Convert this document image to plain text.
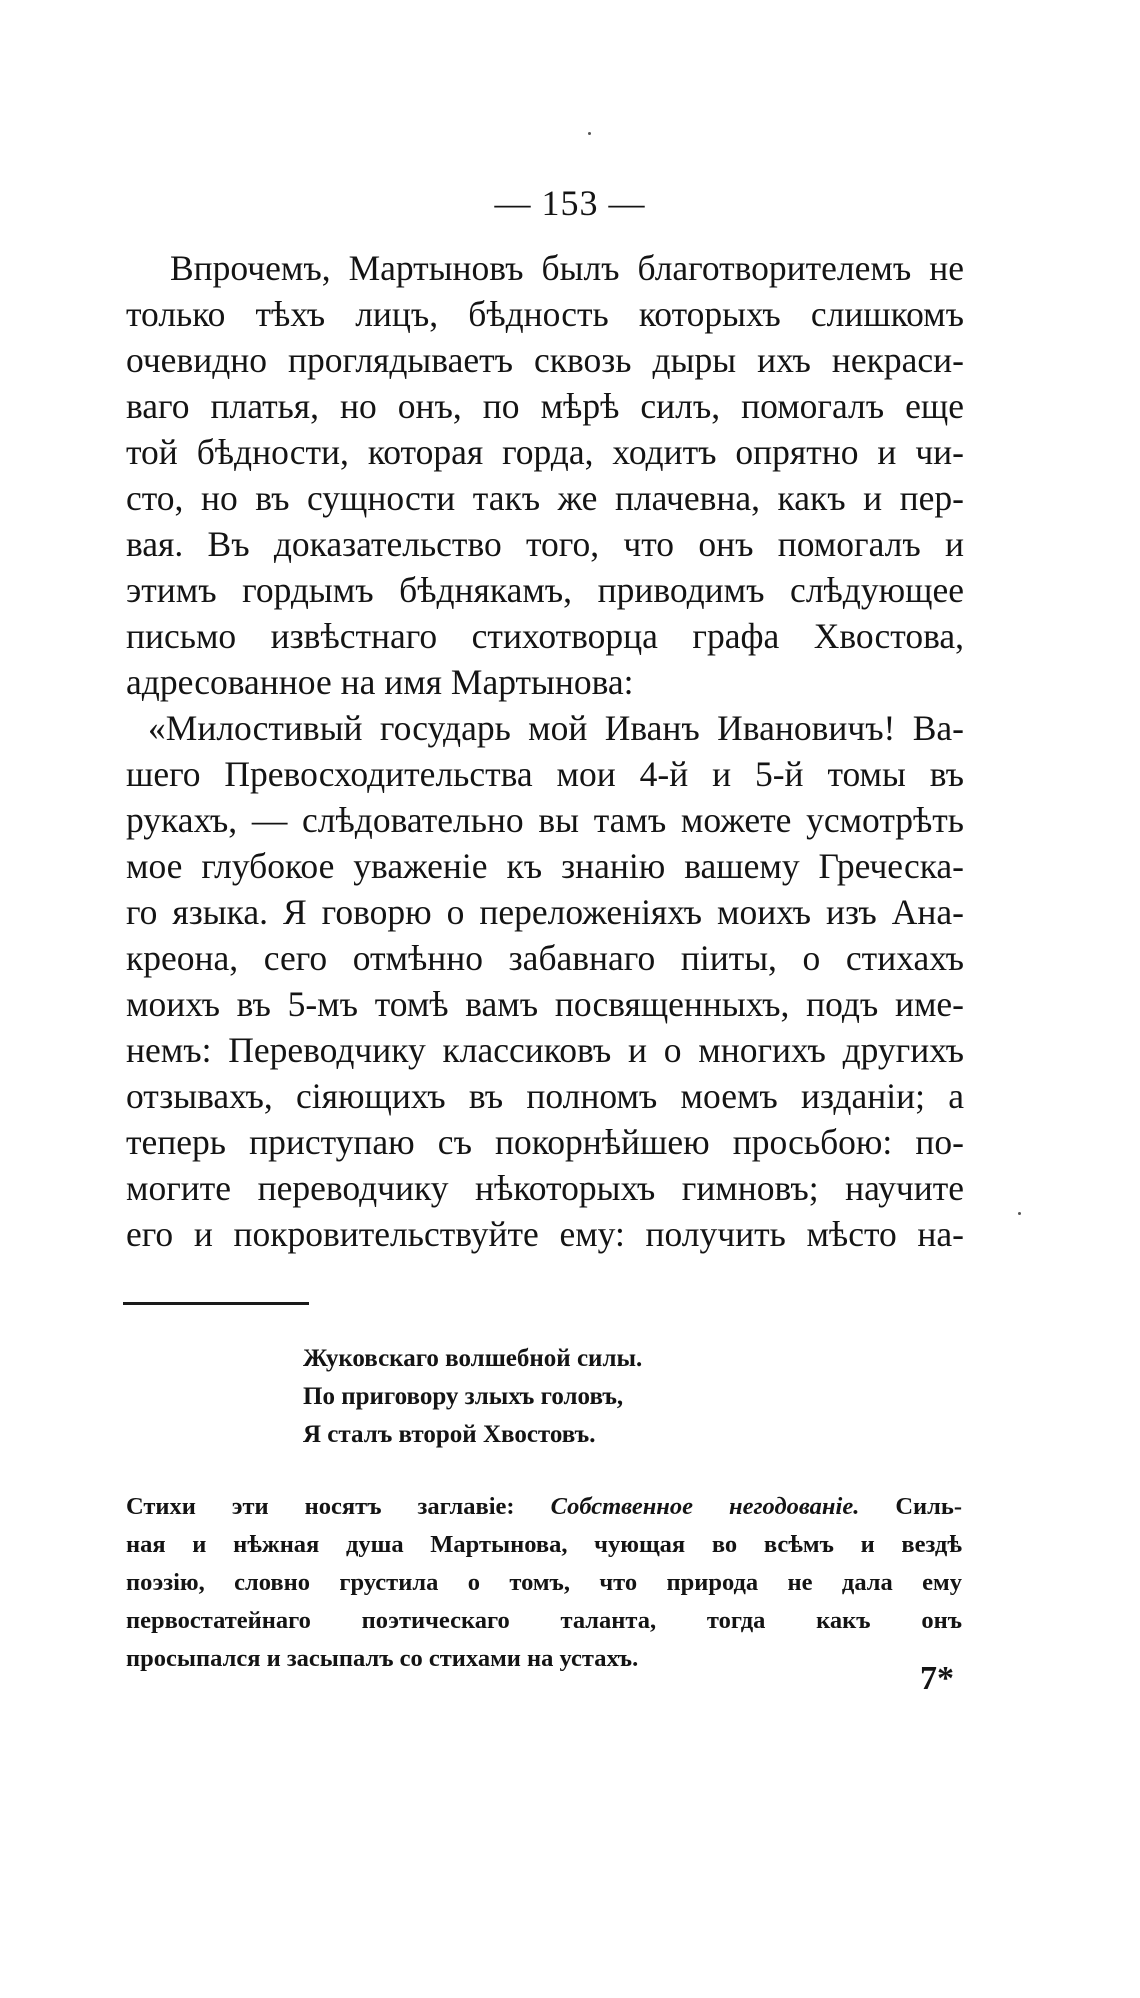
— 153 —
Впрочемъ, Мартыновъ былъ благотворителемъ не
только тѣхъ лицъ, бѣдность которыхъ слишкомъ
очевидно проглядываетъ сквозь дыры ихъ некраси-
ваго платья, но онъ, по мѣрѣ силъ, помогалъ еще
той бѣдности, которая горда, ходитъ опрятно и чи-
сто, но въ сущности такъ же плачевна, какъ и пер-
вая. Въ доказательство того, что онъ помогалъ и
этимъ гордымъ бѣднякамъ, приводимъ слѣдующее
письмо извѣстнаго стихотворца графа Хвостова,
адресованное на имя Мартынова:
«Милостивый государь мой Иванъ Ивановичъ! Ва-
шего Превосходительства мои 4-й и 5-й томы въ
рукахъ, — слѣдовательно вы тамъ можете усмотрѣть
мое глубокое уваженіе къ знанію вашему Греческа-
го языка. Я говорю о переложеніяхъ моихъ изъ Ана-
креона, сего отмѣнно забавнаго піиты, о стихахъ
моихъ въ 5-мъ томѣ вамъ посвященныхъ, подъ име-
немъ: Переводчику классиковъ и о многихъ другихъ
отзывахъ, сіяющихъ въ полномъ моемъ изданіи; а
теперь приступаю съ покорнѣйшею просьбою: по-
могите переводчику нѣкоторыхъ гимновъ; научите
его и покровительствуйте ему: получить мѣсто на-
Жуковскаго волшебной силы.
По приговору злыхъ головъ,
Я сталъ второй Хвостовъ.
Стихи эти носятъ заглавіе: Собственное негодованіе. Силь-
ная и нѣжная душа Мартынова, чующая во всѣмъ и вездѣ
поэзію, словно грустила о томъ, что природа не дала ему
первостатейнаго поэтическаго таланта, тогда какъ онъ
просыпался и засыпалъ со стихами на устахъ.
7*
